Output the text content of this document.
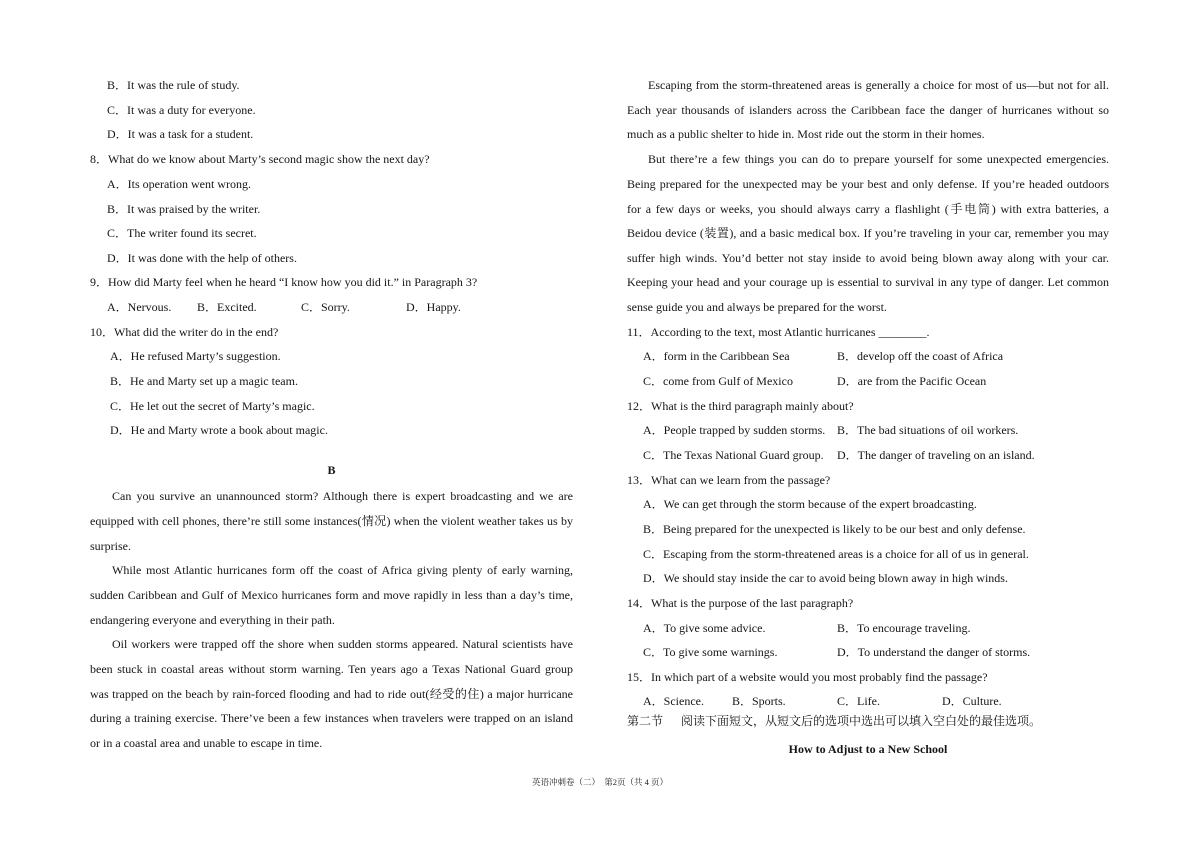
B．It was the rule of study.
C．It was a duty for everyone.
D．It was a task for a student.
8．What do we know about Marty’s second magic show the next day?
A．Its operation went wrong.
B．It was praised by the writer.
C．The writer found its secret.
D．It was done with the help of others.
9．How did Marty feel when he heard “I know how you did it.” in Paragraph 3?
A．Nervous. B．Excited.	C．Sorry.	D．Happy.
10．What did the writer do in the end?
A．He refused Marty’s suggestion.
B．He and Marty set up a magic team.
C．He let out the secret of Marty’s magic.
D．He and Marty wrote a book about magic.
B
Can you survive an unannounced storm? Although there is expert broadcasting and we are
equipped with cell phones, there’re still some instances(情况) when the violent weather takes us by
surprise.
While most Atlantic hurricanes form off the coast of Africa giving plenty of early warning,
sudden Caribbean and Gulf of Mexico hurricanes form and move rapidly in less than a day’s time,
endangering everyone and everything in their path.
Oil workers were trapped off the shore when sudden storms appeared. Natural scientists have
been stuck in coastal areas without storm warning. Ten years ago a Texas National Guard group
was trapped on the beach by rain-forced flooding and had to ride out(经受的住) a major hurricane
during a training exercise. There’ve been a few instances when travelers were trapped on an island
or in a coastal area and unable to escape in time.
Escaping from the storm-threatened areas is generally a choice for most of us—but not for all.
Each year thousands of islanders across the Caribbean face the danger of hurricanes without so
much as a public shelter to hide in. Most ride out the storm in their homes.
But there’re a few things you can do to prepare yourself for some unexpected emergencies.
Being prepared for the unexpected may be your best and only defense. If you’re headed outdoors
for a few days or weeks, you should always carry a flashlight (手电筒) with extra batteries, a
Beidou device (装置), and a basic medical box. If you’re traveling in your car, remember you may
suffer high winds. You’d better not stay inside to avoid being blown away along with your car.
Keeping your head and your courage up is essential to survival in any type of danger. Let common
sense guide you and always be prepared for the worst.
11．According to the text, most Atlantic hurricanes ________.
A．form in the Caribbean Sea	B．develop off the coast of Africa
C．come from Gulf of Mexico	D．are from the Pacific Ocean
12．What is the third paragraph mainly about?
A．People trapped by sudden storms. B．The bad situations of oil workers.
C．The Texas National Guard group. D．The danger of traveling on an island.
13．What can we learn from the passage?
A．We can get through the storm because of the expert broadcasting.
B．Being prepared for the unexpected is likely to be our best and only defense.
C．Escaping from the storm-threatened areas is a choice for all of us in general.
D．We should stay inside the car to avoid being blown away in high winds.
14．What is the purpose of the last paragraph?
A．To give some advice.	B．To encourage traveling.
C．To give some warnings.	D．To understand the danger of storms.
15．In which part of a website would you most probably find the passage?
A．Science. B．Sports.	C．Life.	D．Culture.
第二节 阅读下面短文，从短文后的选项中选出可以填入空白处的最佳选项。
How to Adjust to a New School
英语冲刺卷（二）　第2页（共 4 页）
